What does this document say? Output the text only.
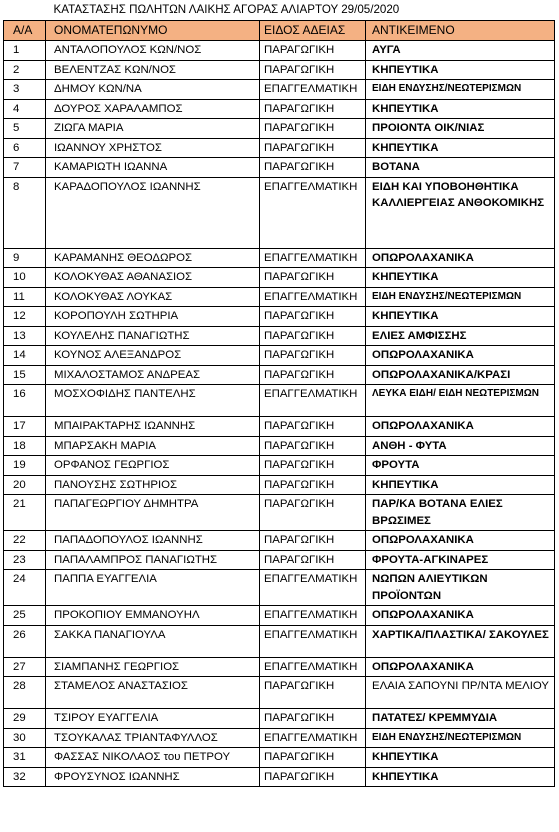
ΚΑΤΑΣΤΑΣΗΣ ΠΩΛΗΤΩΝ ΛΑΙΚΗΣ ΑΓΟΡΑΣ ΑΛΙΑΡΤΟΥ 29/05/2020			
Α/Α	ΟΝΟΜΑΤΕΠΩΝΥΜΟ	ΕΙΔΟΣ ΑΔΕΙΑΣ	ΑΝΤΙΚΕΙΜΕΝΟ
1	ΑΝΤΑΛΟΠΟΥΛΟΣ ΚΩΝ/ΝΟΣ	ΠΑΡΑΓΩΓΙΚΗ	ΑΥΓΑ
2	ΒΕΛΕΝΤΖΑΣ ΚΩΝ/ΝΟΣ	ΠΑΡΑΓΩΓΙΚΗ	ΚΗΠΕΥΤΙΚΑ
3	ΔΗΜΟΥ ΚΩΝ/ΝΑ	ΕΠΑΓΓΕΛΜΑΤΙΚΗ	ΕΙΔΗ ΕΝΔΥΣΗΣ/ΝΕΩΤΕΡΙΣΜΩΝ
4	ΔΟΥΡΟΣ ΧΑΡΑΛΑΜΠΟΣ	ΠΑΡΑΓΩΓΙΚΗ	ΚΗΠΕΥΤΙΚΑ
5	ΖΙΩΓΑ ΜΑΡΙΑ	ΠΑΡΑΓΩΓΙΚΗ	ΠΡΟΙΟΝΤΑ ΟΙΚ/ΝΙΑΣ
6	ΙΩΑΝΝΟΥ ΧΡΗΣΤΟΣ	ΠΑΡΑΓΩΓΙΚΗ	ΚΗΠΕΥΤΙΚΑ
7	ΚΑΜΑΡΙΩΤΗ ΙΩΑΝΝΑ	ΠΑΡΑΓΩΓΙΚΗ	ΒΟΤΑΝΑ
8	ΚΑΡΑΔΟΠΟΥΛΟΣ ΙΩΑΝΝΗΣ	ΕΠΑΓΓΕΛΜΑΤΙΚΗ	ΕΙΔΗ ΚΑΙ ΥΠΟΒΟΗΘΗΤΙΚΑ ΚΑΛΛΙΕΡΓΕΙΑΣ ΑΝΘΟΚΟΜΙΚΗΣ
9	ΚΑΡΑΜΑΝΗΣ ΘΕΟΔΩΡΟΣ	ΕΠΑΓΓΕΛΜΑΤΙΚΗ	ΟΠΩΡΟΛΑΧΑΝΙΚΑ
10	ΚΟΛΟΚΥΘΑΣ ΑΘΑΝΑΣΙΟΣ	ΠΑΡΑΓΩΓΙΚΗ	ΚΗΠΕΥΤΙΚΑ
11	ΚΟΛΟΚΥΘΑΣ ΛΟΥΚΑΣ	ΕΠΑΓΓΕΛΜΑΤΙΚΗ	ΕΙΔΗ ΕΝΔΥΣΗΣ/ΝΕΩΤΕΡΙΣΜΩΝ
12	ΚΟΡΟΠΟΥΛΗ ΣΩΤΗΡΙΑ	ΠΑΡΑΓΩΓΙΚΗ	ΚΗΠΕΥΤΙΚΑ
13	ΚΟΥΛΕΛΗΣ ΠΑΝΑΓΙΩΤΗΣ	ΠΑΡΑΓΩΓΙΚΗ	ΕΛΙΕΣ ΑΜΦΙΣΣΗΣ
14	ΚΟΥΝΟΣ ΑΛΕΞΑΝΔΡΟΣ	ΠΑΡΑΓΩΓΙΚΗ	ΟΠΩΡΟΛΑΧΑΝΙΚΑ
15	ΜΙΧΑΛΟΣΤΑΜΟΣ ΑΝΔΡΕΑΣ	ΠΑΡΑΓΩΓΙΚΗ	ΟΠΩΡΟΛΑΧΑΝΙΚΑ/ΚΡΑΣΙ
16	ΜΟΣΧΟΦΙΔΗΣ ΠΑΝΤΕΛΗΣ	ΕΠΑΓΓΕΛΜΑΤΙΚΗ	ΛΕΥΚΑ ΕΙΔΗ/ ΕΙΔΗ ΝΕΩΤΕΡΙΣΜΩΝ
17	ΜΠΑΙΡΑΚΤΑΡΗΣ ΙΩΑΝΝΗΣ	ΠΑΡΑΓΩΓΙΚΗ	ΟΠΩΡΟΛΑΧΑΝΙΚΑ
18	ΜΠΑΡΣΑΚΗ ΜΑΡΙΑ	ΠΑΡΑΓΩΓΙΚΗ	ΑΝΘΗ - ΦΥΤΑ
19	ΟΡΦΑΝΟΣ ΓΕΩΡΓΙΟΣ	ΠΑΡΑΓΩΓΙΚΗ	ΦΡΟΥΤΑ
20	ΠΑΝΟΥΣΗΣ ΣΩΤΗΡΙΟΣ	ΠΑΡΑΓΩΓΙΚΗ	ΚΗΠΕΥΤΙΚΑ
21	ΠΑΠΑΓΕΩΡΓΙΟΥ ΔΗΜΗΤΡΑ	ΠΑΡΑΓΩΓΙΚΗ	ΠΑΡ/ΚΑ ΒΟΤΑΝΑ ΕΛΙΕΣ ΒΡΩΣΙΜΕΣ
22	ΠΑΠΑΔΟΠΟΥΛΟΣ ΙΩΑΝΝΗΣ	ΠΑΡΑΓΩΓΙΚΗ	ΟΠΩΡΟΛΑΧΑΝΙΚΑ
23	ΠΑΠΑΛΑΜΠΡΟΣ ΠΑΝΑΓΙΩΤΗΣ	ΠΑΡΑΓΩΓΙΚΗ	ΦΡΟΥΤΑ-ΑΓΚΙΝΑΡΕΣ
24	ΠΑΠΠΑ ΕΥΑΓΓΕΛΙΑ	ΕΠΑΓΓΕΛΜΑΤΙΚΗ	ΝΩΠΩΝ ΑΛΙΕΥΤΙΚΩΝ ΠΡΟΪΟΝΤΩΝ
25	ΠΡΟΚΟΠΙΟΥ ΕΜΜΑΝΟΥΗΛ	ΕΠΑΓΓΕΛΜΑΤΙΚΗ	ΟΠΩΡΟΛΑΧΑΝΙΚΑ
26	ΣΑΚΚΑ ΠΑΝΑΓΙΟΥΛΑ	ΕΠΑΓΓΕΛΜΑΤΙΚΗ	ΧΑΡΤΙΚΑ/ΠΛΑΣΤΙΚΑ/ ΣΑΚΟΥΛΕΣ
27	ΣΙΑΜΠΑΝΗΣ ΓΕΩΡΓΙΟΣ	ΕΠΑΓΓΕΛΜΑΤΙΚΗ	ΟΠΩΡΟΛΑΧΑΝΙΚΑ
28	ΣΤΑΜΕΛΟΣ ΑΝΑΣΤΑΣΙΟΣ	ΠΑΡΑΓΩΓΙΚΗ	ΕΛΑΙΑ ΣΑΠΟΥΝΙ ΠΡ/ΝΤΑ ΜΕΛΙΟΥ
29	ΤΣΙΡΟΥ ΕΥΑΓΓΕΛΙΑ	ΠΑΡΑΓΩΓΙΚΗ	ΠΑΤΑΤΕΣ/ ΚΡΕΜΜΥΔΙΑ
30	ΤΣΟΥΚΑΛΑΣ ΤΡΙΑΝΤΑΦΥΛΛΟΣ	ΕΠΑΓΓΕΛΜΑΤΙΚΗ	ΕΙΔΗ ΕΝΔΥΣΗΣ/ΝΕΩΤΕΡΙΣΜΩΝ
31	ΦΑΣΣΑΣ ΝΙΚΟΛΑΟΣ του ΠΕΤΡΟΥ	ΠΑΡΑΓΩΓΙΚΗ	ΚΗΠΕΥΤΙΚΑ
32	ΦΡΟΥΣΥΝΟΣ ΙΩΑΝΝΗΣ	ΠΑΡΑΓΩΓΙΚΗ	ΚΗΠΕΥΤΙΚΑ
